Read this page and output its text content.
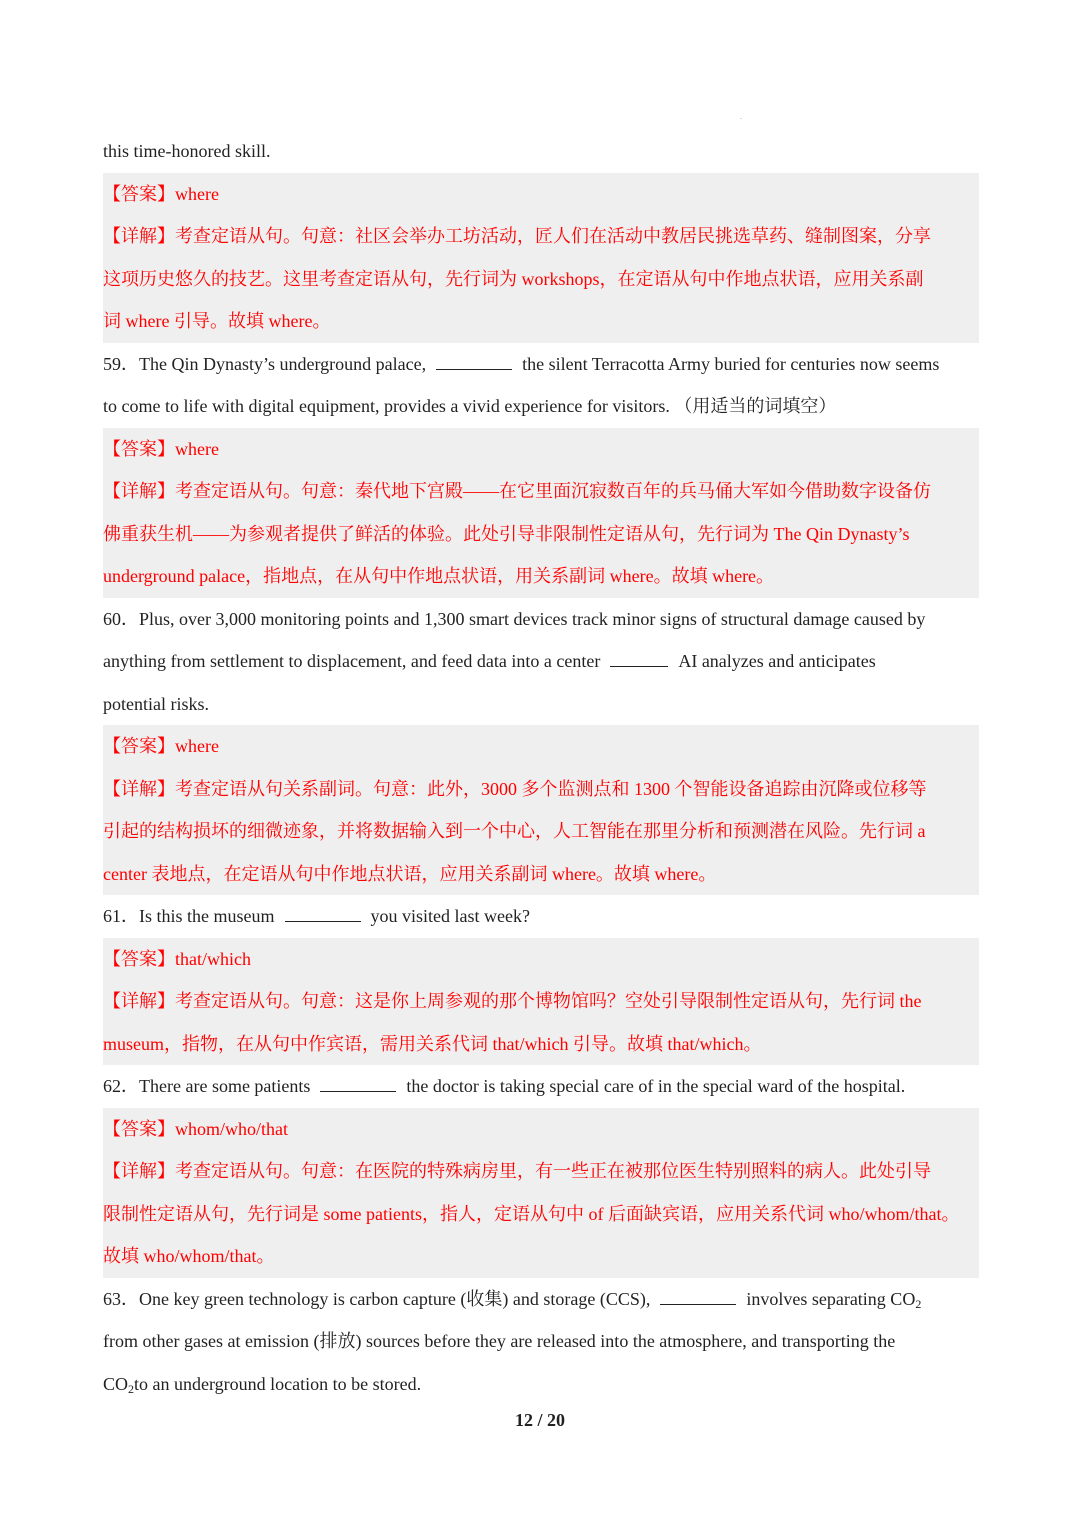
this time-honored skill.
【答案】where
【详解】考查定语从句。句意：社区会举办工坊活动，匠人们在活动中教居民挑选草药、缝制图案，分享
这项历史悠久的技艺。这里考查定语从句，先行词为 workshops，在定语从句中作地点状语，应用关系副
词 where 引导。故填 where。
59．The Qin Dynasty’s underground palace,	the silent Terracotta Army buried for centuries now seems
to come to life with digital equipment, provides a vivid experience for visitors. （用适当的词填空）
【答案】where
【详解】考查定语从句。句意：秦代地下宫殿——在它里面沉寂数百年的兵马俑大军如今借助数字设备仿
佛重获生机——为参观者提供了鲜活的体验。此处引导非限制性定语从句，先行词为 The Qin Dynasty’s
underground palace，指地点，在从句中作地点状语，用关系副词 where。故填 where。
60．Plus, over 3,000 monitoring points and 1,300 smart devices track minor signs of structural damage caused by
anything from settlement to displacement, and feed data into a center	AI analyzes and anticipates
potential risks.
【答案】where
【详解】考查定语从句关系副词。句意：此外，3000 多个监测点和 1300 个智能设备追踪由沉降或位移等
引起的结构损坏的细微迹象，并将数据输入到一个中心，人工智能在那里分析和预测潜在风险。先行词 a
center 表地点，在定语从句中作地点状语，应用关系副词 where。故填 where。
61．Is this the museum	you visited last week?
【答案】that/which
【详解】考查定语从句。句意：这是你上周参观的那个博物馆吗？空处引导限制性定语从句，先行词 the
museum，指物，在从句中作宾语，需用关系代词 that/which 引导。故填 that/which。
62．There are some patients	the doctor is taking special care of in the special ward of the hospital.
【答案】whom/who/that
【详解】考查定语从句。句意：在医院的特殊病房里，有一些正在被那位医生特别照料的病人。此处引导
限制性定语从句，先行词是 some patients，指人，定语从句中 of 后面缺宾语，应用关系代词 who/whom/that。
故填 who/whom/that。
63．One key green technology is carbon capture (收集) and storage (CCS),	involves separating $CO_2$
from other gases at emission (排放) sources before they are released into the atmosphere, and transporting the
$CO_2to$ an underground location to be stored.
12 / 20
